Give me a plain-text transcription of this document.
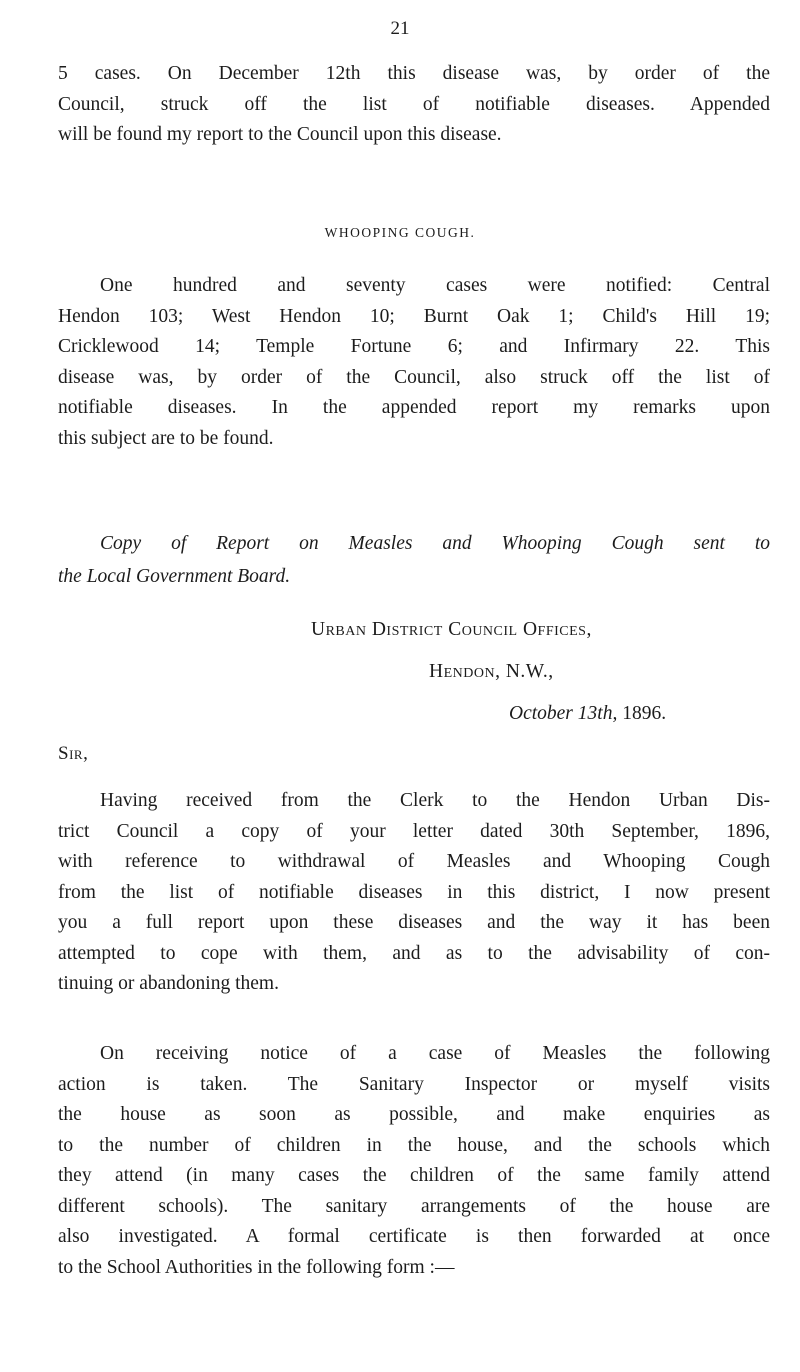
21
5 cases. On December 12th this disease was, by order of the
Council, struck off the list of notifiable diseases. Appended
will be found my report to the Council upon this disease.
WHOOPING COUGH.
One hundred and seventy cases were notified: Central
Hendon 103; West Hendon 10; Burnt Oak 1; Child's Hill 19;
Cricklewood 14; Temple Fortune 6; and Infirmary 22. This
disease was, by order of the Council, also struck off the list of
notifiable diseases. In the appended report my remarks upon
this subject are to be found.
Copy of Report on Measles and Whooping Cough sent to
the Local Government Board.
Urban District Council Offices,
Hendon, N.W.,
October 13th, 1896.
Sir,
Having received from the Clerk to the Hendon Urban Dis-
trict Council a copy of your letter dated 30th September, 1896,
with reference to withdrawal of Measles and Whooping Cough
from the list of notifiable diseases in this district, I now present
you a full report upon these diseases and the way it has been
attempted to cope with them, and as to the advisability of con-
tinuing or abandoning them.
On receiving notice of a case of Measles the following
action is taken. The Sanitary Inspector or myself visits
the house as soon as possible, and make enquiries as
to the number of children in the house, and the schools which
they attend (in many cases the children of the same family attend
different schools). The sanitary arrangements of the house are
also investigated. A formal certificate is then forwarded at once
to the School Authorities in the following form :—
